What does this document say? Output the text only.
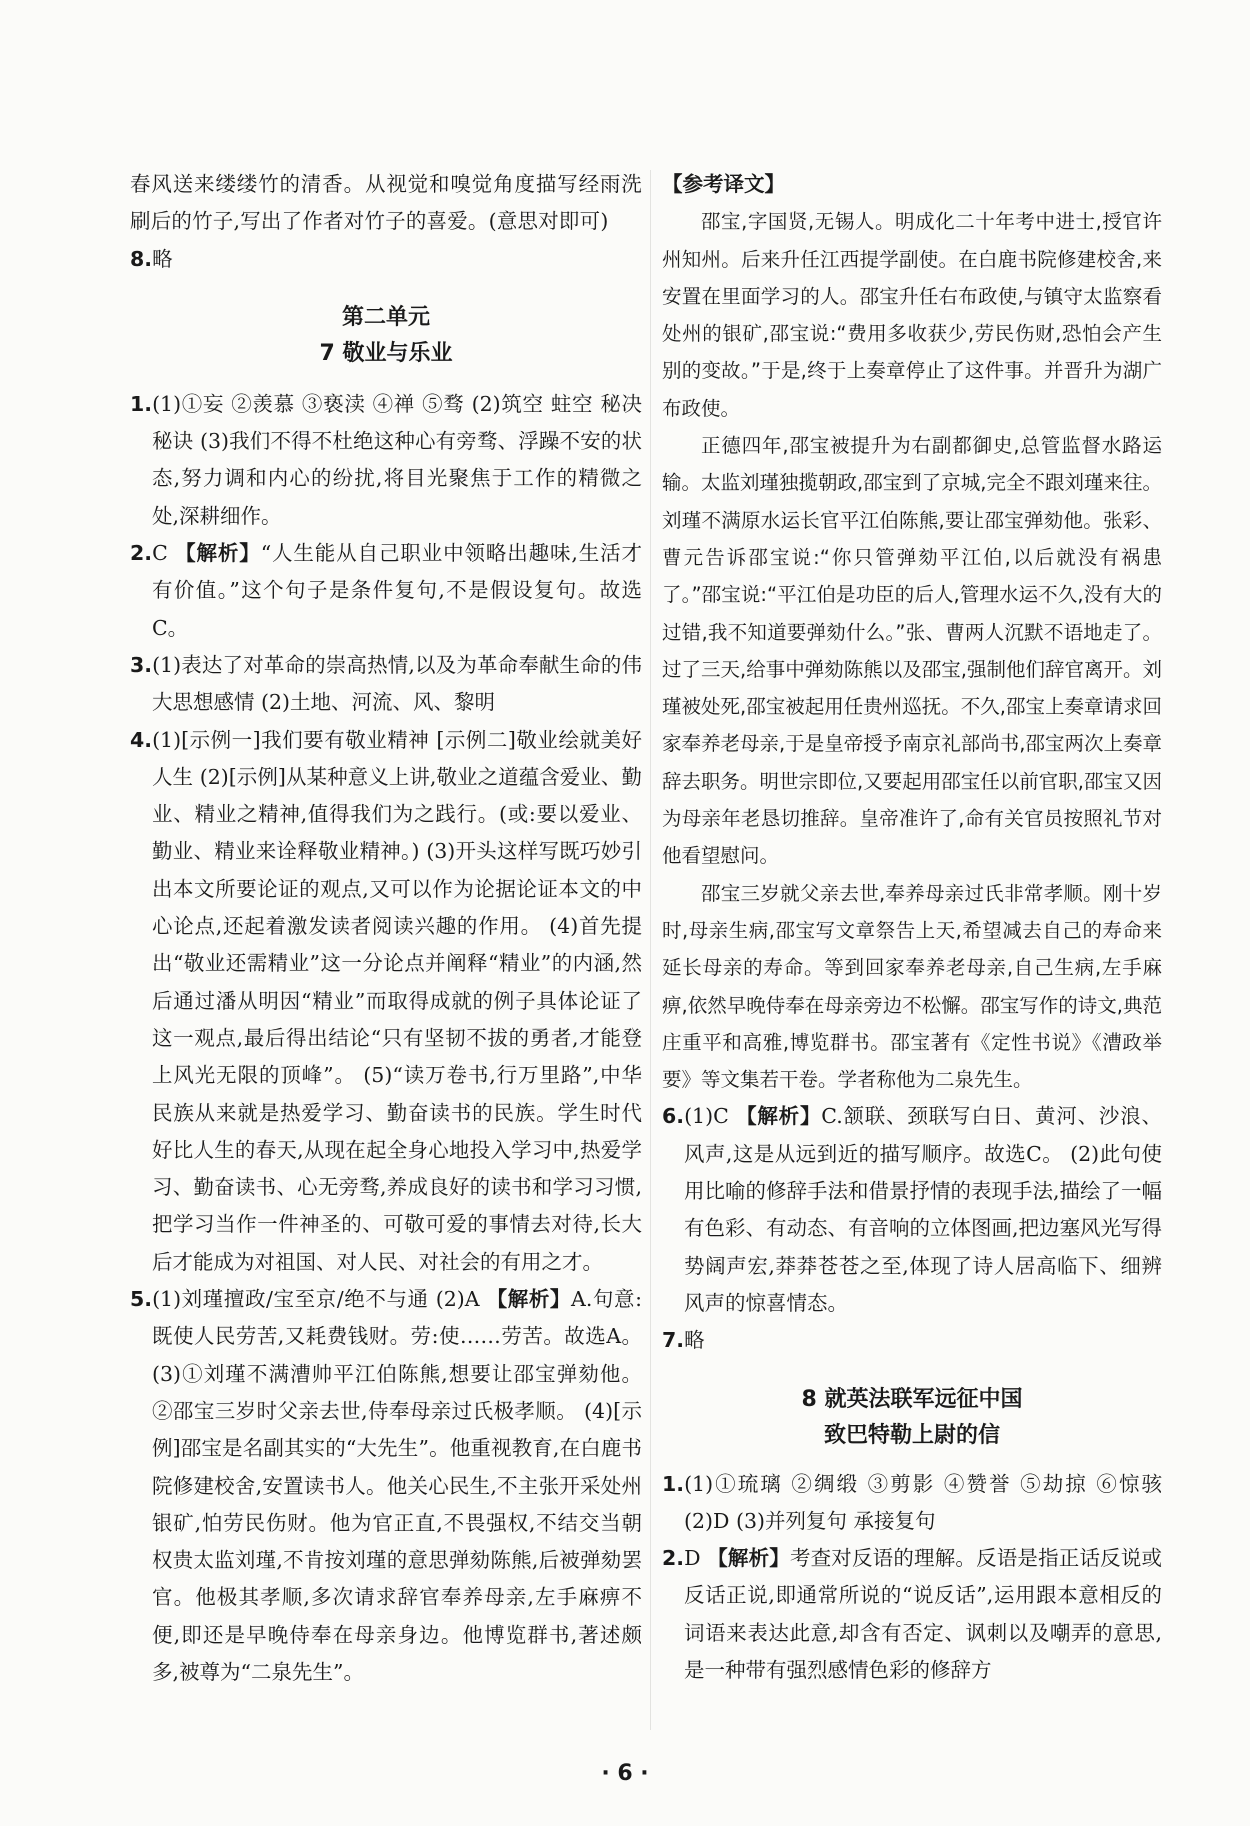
春风送来缕缕竹的清香。从视觉和嗅觉角度描写经雨洗刷后的竹子,写出了作者对竹子的喜爱。(意思对即可)

8.略

第二单元

7 敬业与乐业

1.(1)①妄 ②羡慕 ③亵渎 ④禅 ⑤骛 (2)筑空 蛀空 秘决 秘诀 (3)我们不得不杜绝这种心有旁骛、浮躁不安的状态,努力调和内心的纷扰,将目光聚焦于工作的精微之处,深耕细作。

2.C 【解析】“人生能从自己职业中领略出趣味,生活才有价值。”这个句子是条件复句,不是假设复句。故选C。

3.(1)表达了对革命的崇高热情,以及为革命奉献生命的伟大思想感情 (2)土地、河流、风、黎明

4.(1)[示例一]我们要有敬业精神 [示例二]敬业绘就美好人生 (2)[示例]从某种意义上讲,敬业之道蕴含爱业、勤业、精业之精神,值得我们为之践行。(或:要以爱业、勤业、精业来诠释敬业精神。) (3)开头这样写既巧妙引出本文所要论证的观点,又可以作为论据论证本文的中心论点,还起着激发读者阅读兴趣的作用。 (4)首先提出“敬业还需精业”这一分论点并阐释“精业”的内涵,然后通过潘从明因“精业”而取得成就的例子具体论证了这一观点,最后得出结论“只有坚韧不拔的勇者,才能登上风光无限的顶峰”。 (5)“读万卷书,行万里路”,中华民族从来就是热爱学习、勤奋读书的民族。学生时代好比人生的春天,从现在起全身心地投入学习中,热爱学习、勤奋读书、心无旁骛,养成良好的读书和学习习惯,把学习当作一件神圣的、可敬可爱的事情去对待,长大后才能成为对祖国、对人民、对社会的有用之才。

5.(1)刘瑾擅政/宝至京/绝不与通 (2)A 【解析】A.句意:既使人民劳苦,又耗费钱财。劳:使……劳苦。故选A。 (3)①刘瑾不满漕帅平江伯陈熊,想要让邵宝弹劾他。 ②邵宝三岁时父亲去世,侍奉母亲过氏极孝顺。 (4)[示例]邵宝是名副其实的“大先生”。他重视教育,在白鹿书院修建校舍,安置读书人。他关心民生,不主张开采处州银矿,怕劳民伤财。他为官正直,不畏强权,不结交当朝权贵太监刘瑾,不肯按刘瑾的意思弹劾陈熊,后被弹劾罢官。他极其孝顺,多次请求辞官奉养母亲,左手麻痹不便,即还是早晚侍奉在母亲身边。他博览群书,著述颇多,被尊为“二泉先生”。

【参考译文】

邵宝,字国贤,无锡人。明成化二十年考中进士,授官许州知州。后来升任江西提学副使。在白鹿书院修建校舍,来安置在里面学习的人。邵宝升任右布政使,与镇守太监察看处州的银矿,邵宝说:“费用多收获少,劳民伤财,恐怕会产生别的变故。”于是,终于上奏章停止了这件事。并晋升为湖广布政使。

正德四年,邵宝被提升为右副都御史,总管监督水路运输。太监刘瑾独揽朝政,邵宝到了京城,完全不跟刘瑾来往。刘瑾不满原水运长官平江伯陈熊,要让邵宝弹劾他。张彩、曹元告诉邵宝说:“你只管弹劾平江伯,以后就没有祸患了。”邵宝说:“平江伯是功臣的后人,管理水运不久,没有大的过错,我不知道要弹劾什么。”张、曹两人沉默不语地走了。过了三天,给事中弹劾陈熊以及邵宝,强制他们辞官离开。刘瑾被处死,邵宝被起用任贵州巡抚。不久,邵宝上奏章请求回家奉养老母亲,于是皇帝授予南京礼部尚书,邵宝两次上奏章辞去职务。明世宗即位,又要起用邵宝任以前官职,邵宝又因为母亲年老恳切推辞。皇帝准许了,命有关官员按照礼节对他看望慰问。

邵宝三岁就父亲去世,奉养母亲过氏非常孝顺。刚十岁时,母亲生病,邵宝写文章祭告上天,希望减去自己的寿命来延长母亲的寿命。等到回家奉养老母亲,自己生病,左手麻痹,依然早晚侍奉在母亲旁边不松懈。邵宝写作的诗文,典范庄重平和高雅,博览群书。邵宝著有《定性书说》《漕政举要》等文集若干卷。学者称他为二泉先生。

6.(1)C 【解析】C.颔联、颈联写白日、黄河、沙浪、风声,这是从远到近的描写顺序。故选C。 (2)此句使用比喻的修辞手法和借景抒情的表现手法,描绘了一幅有色彩、有动态、有音响的立体图画,把边塞风光写得势阔声宏,莽莽苍苍之至,体现了诗人居高临下、细辨风声的惊喜情态。

7.略

8 就英法联军远征中国

致巴特勒上尉的信

1.(1)①琉璃 ②绸缎 ③剪影 ④赞誉 ⑤劫掠 ⑥惊骇 (2)D (3)并列复句 承接复句

2.D 【解析】考查对反语的理解。反语是指正话反说或反话正说,即通常所说的“说反话”,运用跟本意相反的词语来表达此意,却含有否定、讽刺以及嘲弄的意思,是一种带有强烈感情色彩的修辞方

· 6 ·
